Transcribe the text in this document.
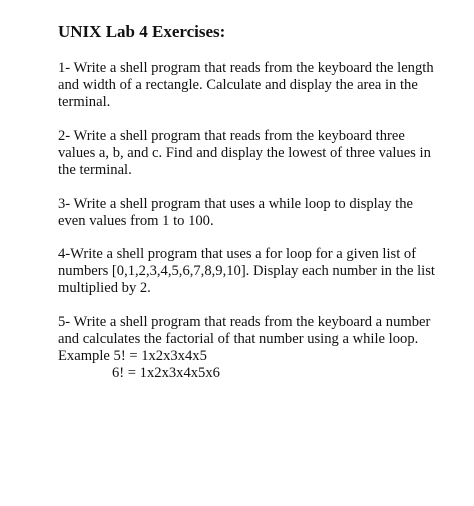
UNIX Lab 4 Exercises:
1- Write a shell program that reads from the keyboard the length
and width of a rectangle. Calculate and display the area in the
terminal.
2- Write a shell program that reads from the keyboard three
values a, b, and c. Find and display the lowest of three values in
the terminal.
3- Write a shell program that uses a while loop to display the
even values from 1 to 100.
4-Write a shell program that uses a for loop for a given list of
numbers [0,1,2,3,4,5,6,7,8,9,10]. Display each number in the list
multiplied by 2.
5- Write a shell program that reads from the keyboard a number
and calculates the factorial of that number using a while loop.
Example 5! = 1x2x3x4x5
6! = 1x2x3x4x5x6
